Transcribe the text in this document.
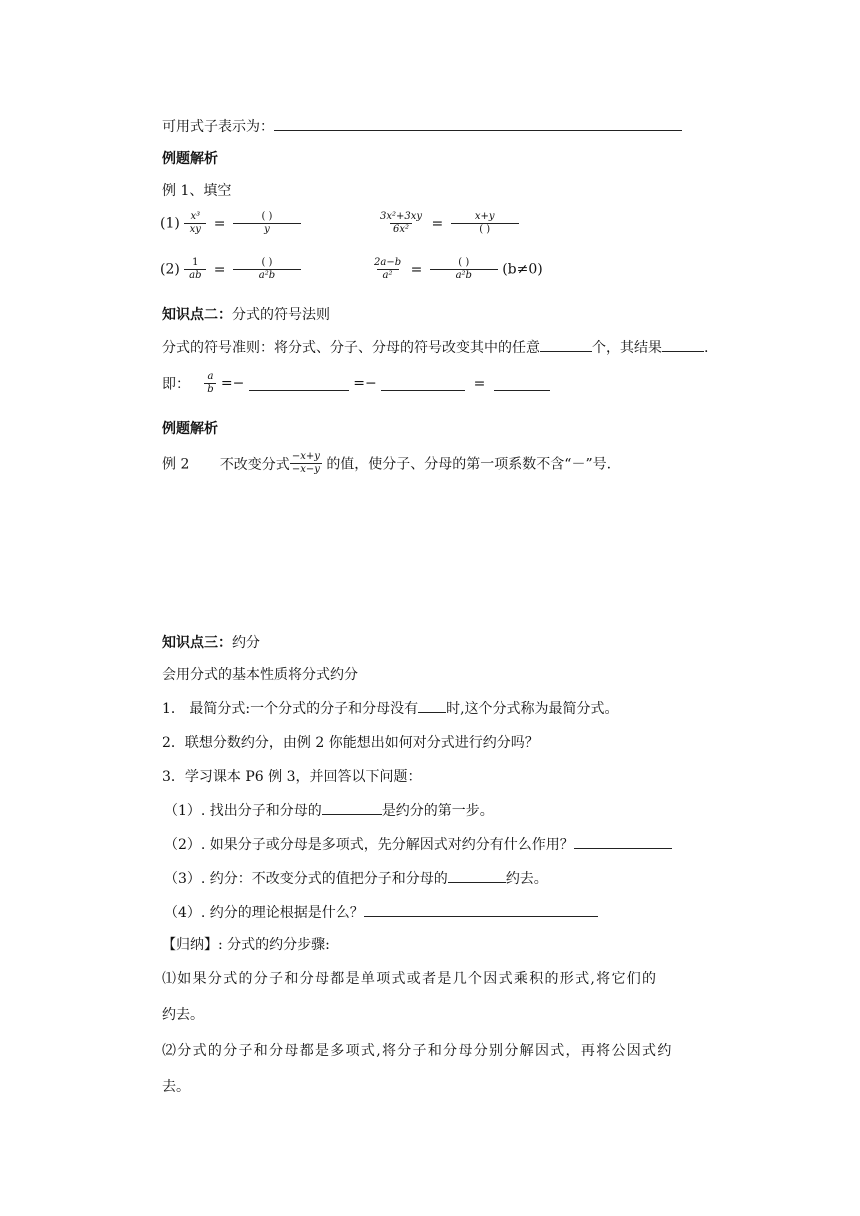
可用式子表示为：
例题解析
例 1、填空
$(1) \frac{\text{x³}}{xy} = \frac{( )}{y}$	$\frac{\text{3x²+3xy}}{\text{6x²}} = \frac{x+y}{( )}$
$(2) \frac{1}{ab} = \frac{( )}{\text{a²b}}$	$\frac{2a-b}{\text{a²}} = \frac{( )}{\text{a²b}} (b\ne 0)$
知识点二：分式的符号法则
分式的符号准则：将分式、分子、分母的符号改变其中的任意	个，其结果	.
即： $\frac{a}{b}$ =−	=−	=
例题解析
例 2 不改变分式 $\frac{-x+y}{-x-y}$ 的值，使分子、分母的第一项系数不含“－”号.
知识点三：约分
会用分式的基本性质将分式约分
1． 最简分式:一个分式的分子和分母没有 时,这个分式称为最简分式。
2．联想分数约分，由例 2 你能想出如何对分式进行约分吗？
3．学习课本 P6 例 3，并回答以下问题：
（1）. 找出分子和分母的	是约分的第一步。
（2）. 如果分子或分母是多项式，先分解因式对约分有什么作用？
（3）. 约分：不改变分式的值把分子和分母的	约去。
（4）. 约分的理论根据是什么？
【归纳】: 分式的约分步骤:
⑴如果分式的分子和分母都是单项式或者是几个因式乘积的形式,将它们的
约去。
⑵分式的分子和分母都是多项式,将分子和分母分别分解因式，再将公因式约
去。
